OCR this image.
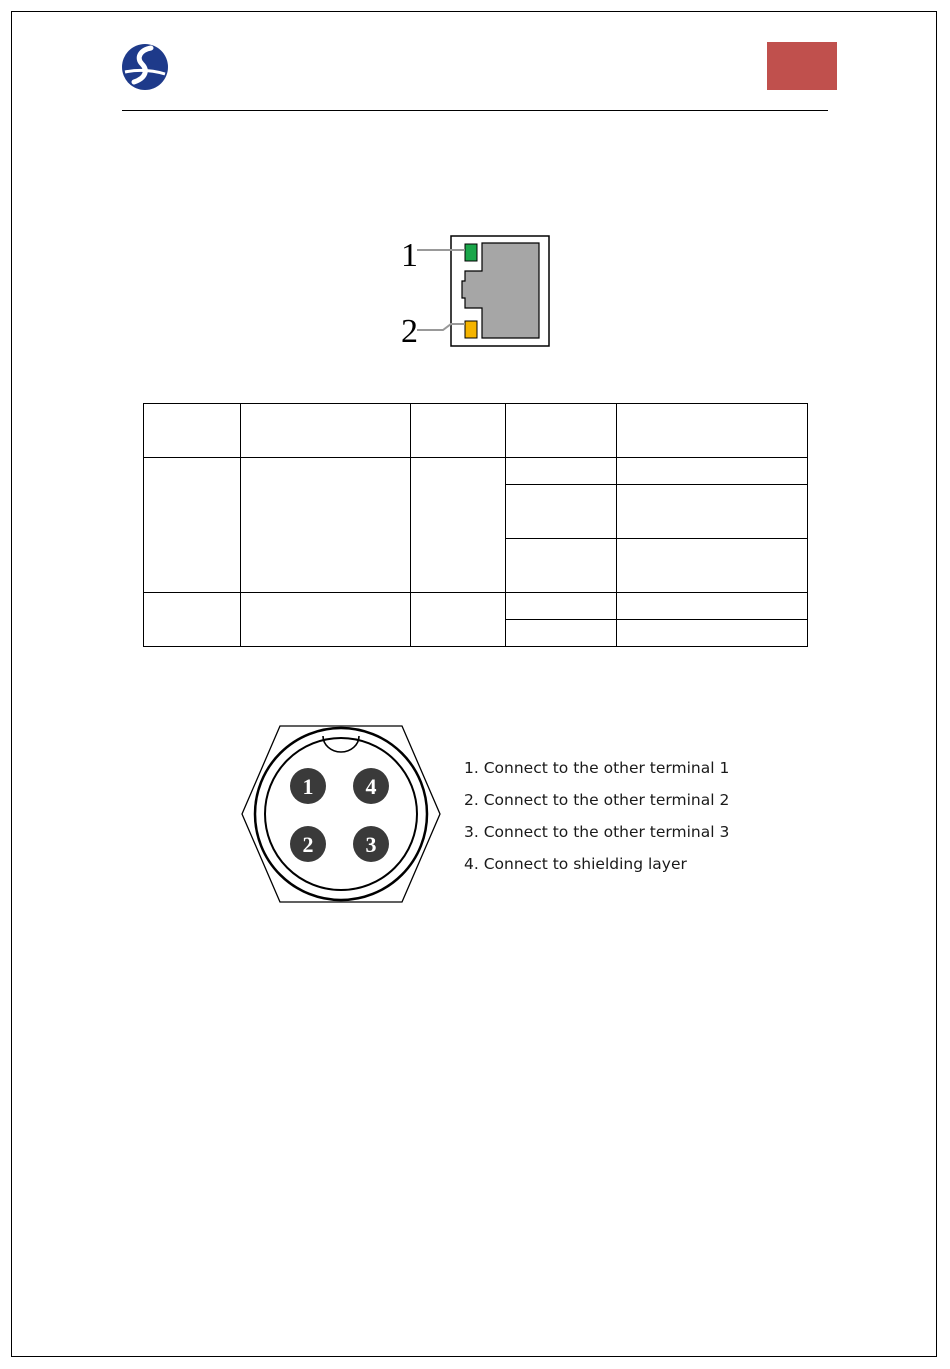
1
2

1 4
2 3
1. Connect to the other terminal 1
2. Connect to the other terminal 2
3. Connect to the other terminal 3
4. Connect to shielding layer
